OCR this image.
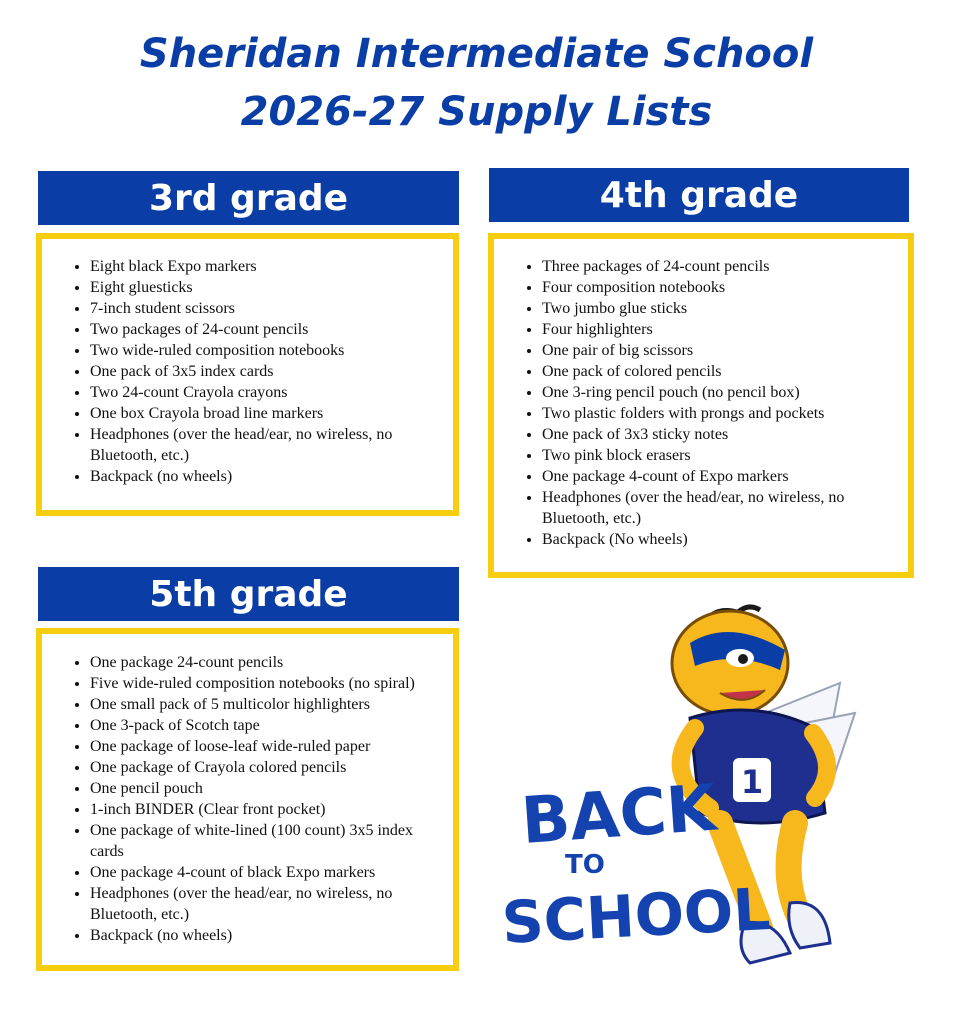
Sheridan Intermediate School
2026-27 Supply Lists
3rd grade
• Eight black Expo markers
• Eight gluesticks
• 7-inch student scissors
• Two packages of 24-count pencils
• Two wide-ruled composition notebooks
• One pack of 3x5 index cards
• Two 24-count Crayola crayons
• One box Crayola broad line markers
• Headphones (over the head/ear, no wireless, no Bluetooth, etc.)
• Backpack (no wheels)
4th grade
• Three packages of 24-count pencils
• Four composition notebooks
• Two jumbo glue sticks
• Four highlighters
• One pair of big scissors
• One pack of colored pencils
• One 3-ring pencil pouch (no pencil box)
• Two plastic folders with prongs and pockets
• One pack of 3x3 sticky notes
• Two pink block erasers
• One package 4-count of Expo markers
• Headphones (over the head/ear, no wireless, no Bluetooth, etc.)
• Backpack (No wheels)
5th grade
• One package 24-count pencils
• Five wide-ruled composition notebooks (no spiral)
• One small pack of 5 multicolor highlighters
• One 3-pack of Scotch tape
• One package of loose-leaf wide-ruled paper
• One package of Crayola colored pencils
• One pencil pouch
• 1-inch BINDER (Clear front pocket)
• One package of white-lined (100 count) 3x5 index cards
• One package 4-count of black Expo markers
• Headphones (over the head/ear, no wireless, no Bluetooth, etc.)
• Backpack (no wheels)
1
BACK
TO
SCHOOL
